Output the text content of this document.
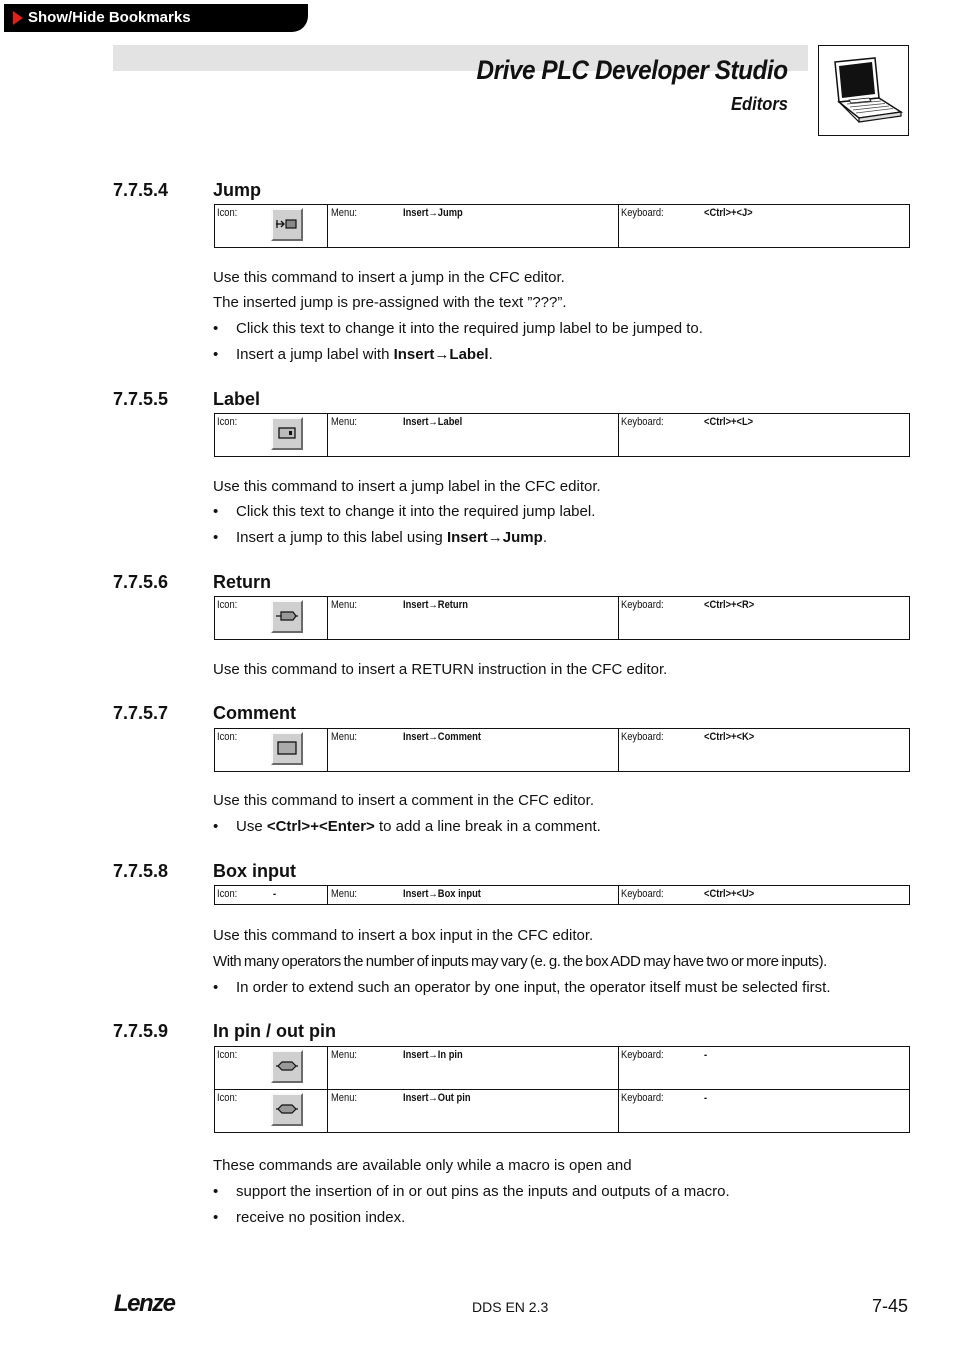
Show/Hide Bookmarks
Drive PLC Developer Studio
Editors
7.7.5.4 Jump
Icon:	Menu:	Insert→Jump	Keyboard:	<Ctrl>+<J>
Use this command to insert a jump in the CFC editor.
The inserted jump is pre-assigned with the text ”???”.
• Click this text to change it into the required jump label to be jumped to.
• Insert a jump label with Insert→Label.
7.7.5.5 Label
Icon:	Menu:	Insert→Label	Keyboard:	<Ctrl>+<L>
Use this command to insert a jump label in the CFC editor.
• Click this text to change it into the required jump label.
• Insert a jump to this label using Insert→Jump.
7.7.5.6 Return
Icon:	Menu:	Insert→Return	Keyboard:	<Ctrl>+<R>
Use this command to insert a RETURN instruction in the CFC editor.
7.7.5.7 Comment
Icon:	Menu:	Insert→Comment	Keyboard:	<Ctrl>+<K>
Use this command to insert a comment in the CFC editor.
• Use <Ctrl>+<Enter> to add a line break in a comment.
7.7.5.8 Box input
Icon:	-	Menu:	Insert→Box input	Keyboard:	<Ctrl>+<U>
Use this command to insert a box input in the CFC editor.
With many operators the number of inputs may vary (e. g. the box ADD may have two or more inputs).
• In order to extend such an operator by one input, the operator itself must be selected first.
7.7.5.9 In pin / out pin
Icon:	Menu:	Insert→In pin	Keyboard:	-
Icon:	Menu:	Insert→Out pin	Keyboard:	-
These commands are available only while a macro is open and
• support the insertion of in or out pins as the inputs and outputs of a macro.
• receive no position index.
Lenze	DDS EN 2.3	7-45
